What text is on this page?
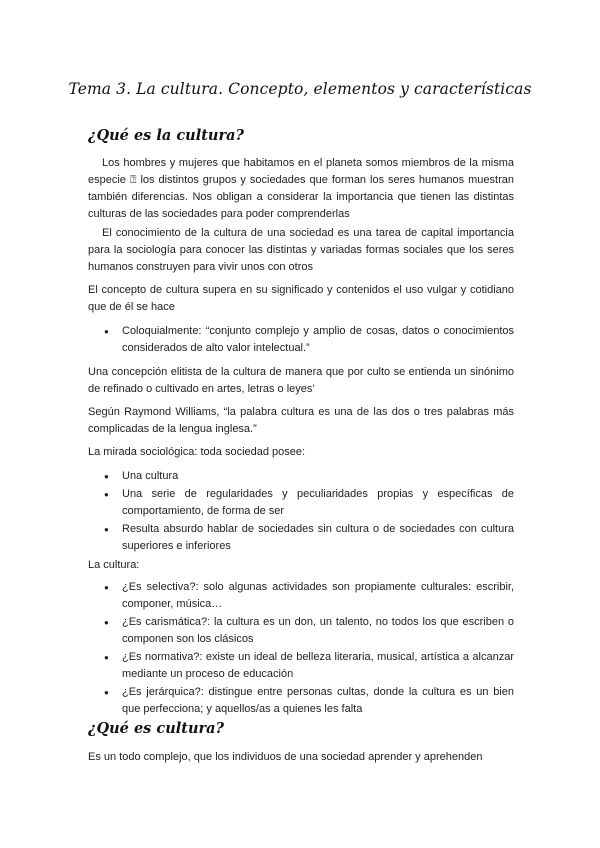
Tema 3. La cultura. Concepto, elementos y características
¿Qué es la cultura?

Los hombres y mujeres que habitamos en el planeta somos miembros de la misma especie ⍰ los distintos grupos y sociedades que forman los seres humanos muestran también diferencias. Nos obligan a considerar la importancia que tienen las distintas culturas de las sociedades para poder comprenderlas

El conocimiento de la cultura de una sociedad es una tarea de capital importancia para la sociología para conocer las distintas y variadas formas sociales que los seres humanos construyen para vivir unos con otros

El concepto de cultura supera en su significado y contenidos el uso vulgar y cotidiano que de él se hace

● Coloquialmente: “conjunto complejo y amplio de cosas, datos o conocimientos considerados de alto valor intelectual.”

Una concepción elitista de la cultura de manera que por culto se entienda un sinónimo de refinado o cultivado en artes, letras o leyes’

Según Raymond Williams, “la palabra cultura es una de las dos o tres palabras más complicadas de la lengua inglesa.”

La mirada sociológica: toda sociedad posee:

● Una cultura
● Una serie de regularidades y peculiaridades propias y específicas de comportamiento, de forma de ser
● Resulta absurdo hablar de sociedades sin cultura o de sociedades con cultura superiores e inferiores

La cultura:

● ¿Es selectiva?: solo algunas actividades son propiamente culturales: escribir, componer, música…
● ¿Es carismática?: la cultura es un don, un talento, no todos los que escriben o componen son los clásicos
● ¿Es normativa?: existe un ideal de belleza literaria, musical, artística a alcanzar mediante un proceso de educación
● ¿Es jerárquica?: distingue entre personas cultas, donde la cultura es un bien que perfecciona; y aquellos/as a quienes les falta
¿Qué es cultura?

Es un todo complejo, que los individuos de una sociedad aprender y aprehenden
